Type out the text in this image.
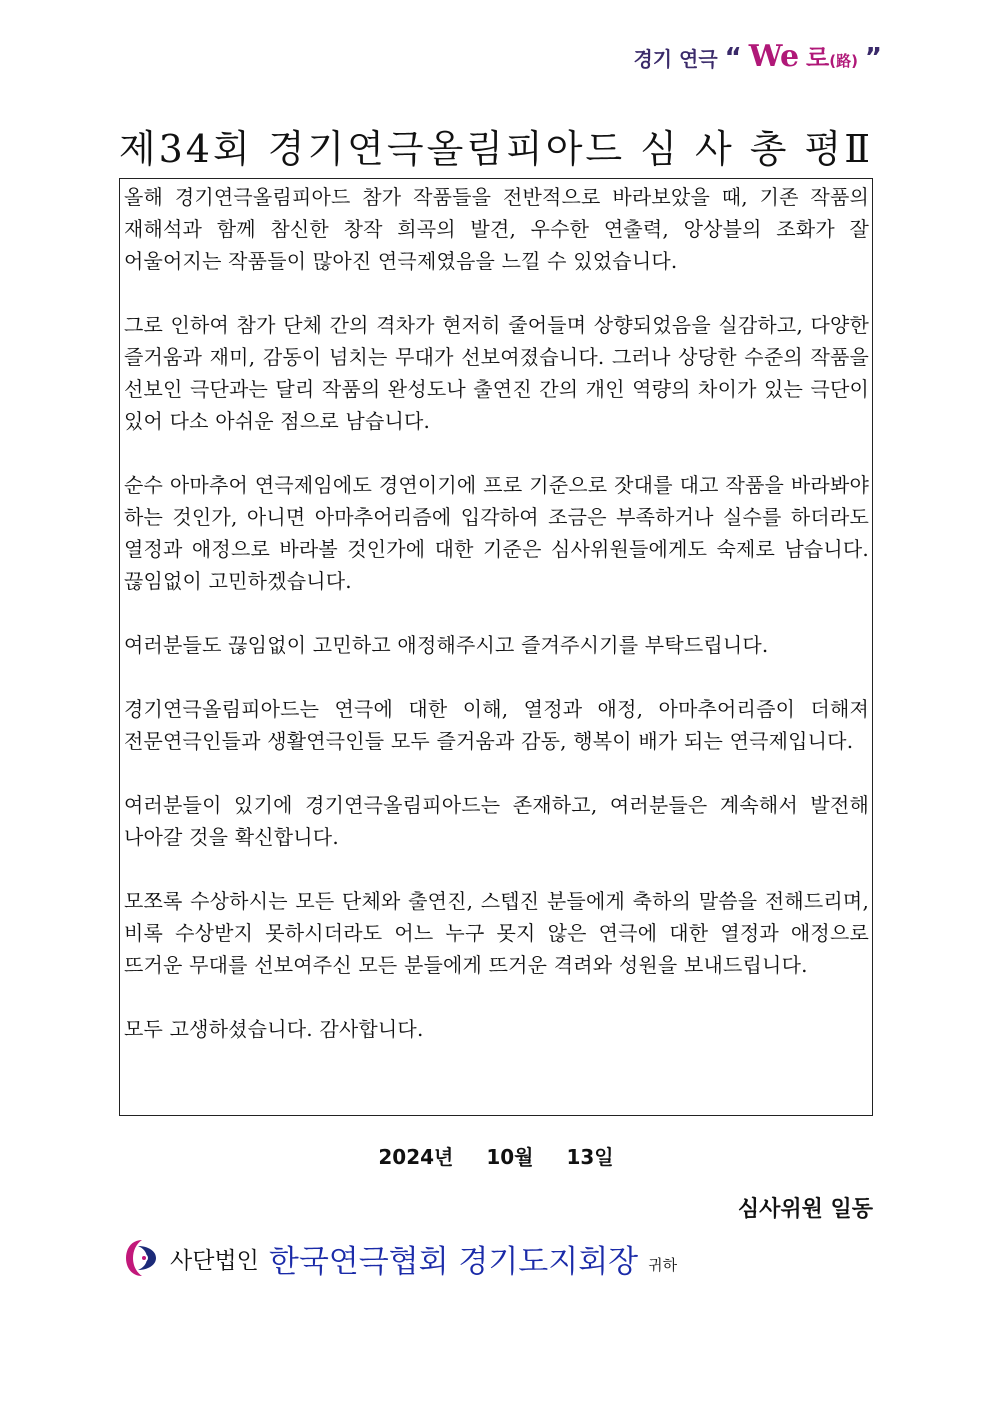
경기 연극 “ We 로(路) ”
제34회 경기연극올림피아드 심 사 총 평Ⅱ

올해 경기연극올림피아드 참가 작품들을 전반적으로 바라보았을 때, 기존 작품의 재해석과 함께 참신한 창작 희곡의 발견, 우수한 연출력, 앙상블의 조화가 잘 어울어지는 작품들이 많아진 연극제였음을 느낄 수 있었습니다.

그로 인하여 참가 단체 간의 격차가 현저히 줄어들며 상향되었음을 실감하고, 다양한 즐거움과 재미, 감동이 넘치는 무대가 선보여졌습니다. 그러나 상당한 수준의 작품을 선보인 극단과는 달리 작품의 완성도나 출연진 간의 개인 역량의 차이가 있는 극단이 있어 다소 아쉬운 점으로 남습니다.

순수 아마추어 연극제임에도 경연이기에 프로 기준으로 잣대를 대고 작품을 바라봐야 하는 것인가, 아니면 아마추어리즘에 입각하여 조금은 부족하거나 실수를 하더라도 열정과 애정으로 바라볼 것인가에 대한 기준은 심사위원들에게도 숙제로 남습니다. 끊임없이 고민하겠습니다.

여러분들도 끊임없이 고민하고 애정해주시고 즐겨주시기를 부탁드립니다.

경기연극올림피아드는 연극에 대한 이해, 열정과 애정, 아마추어리즘이 더해져 전문연극인들과 생활연극인들 모두 즐거움과 감동, 행복이 배가 되는 연극제입니다.

여러분들이 있기에 경기연극올림피아드는 존재하고, 여러분들은 계속해서 발전해 나아갈 것을 확신합니다.

모쪼록 수상하시는 모든 단체와 출연진, 스텝진 분들에게 축하의 말씀을 전해드리며, 비록 수상받지 못하시더라도 어느 누구 못지 않은 연극에 대한 열정과 애정으로 뜨거운 무대를 선보여주신 모든 분들에게 뜨거운 격려와 성원을 보내드립니다.

모두 고생하셨습니다. 감사합니다.

2024년 10월 13일
심사위원 일동
사단법인 한국연극협회 경기도지회장 귀하
